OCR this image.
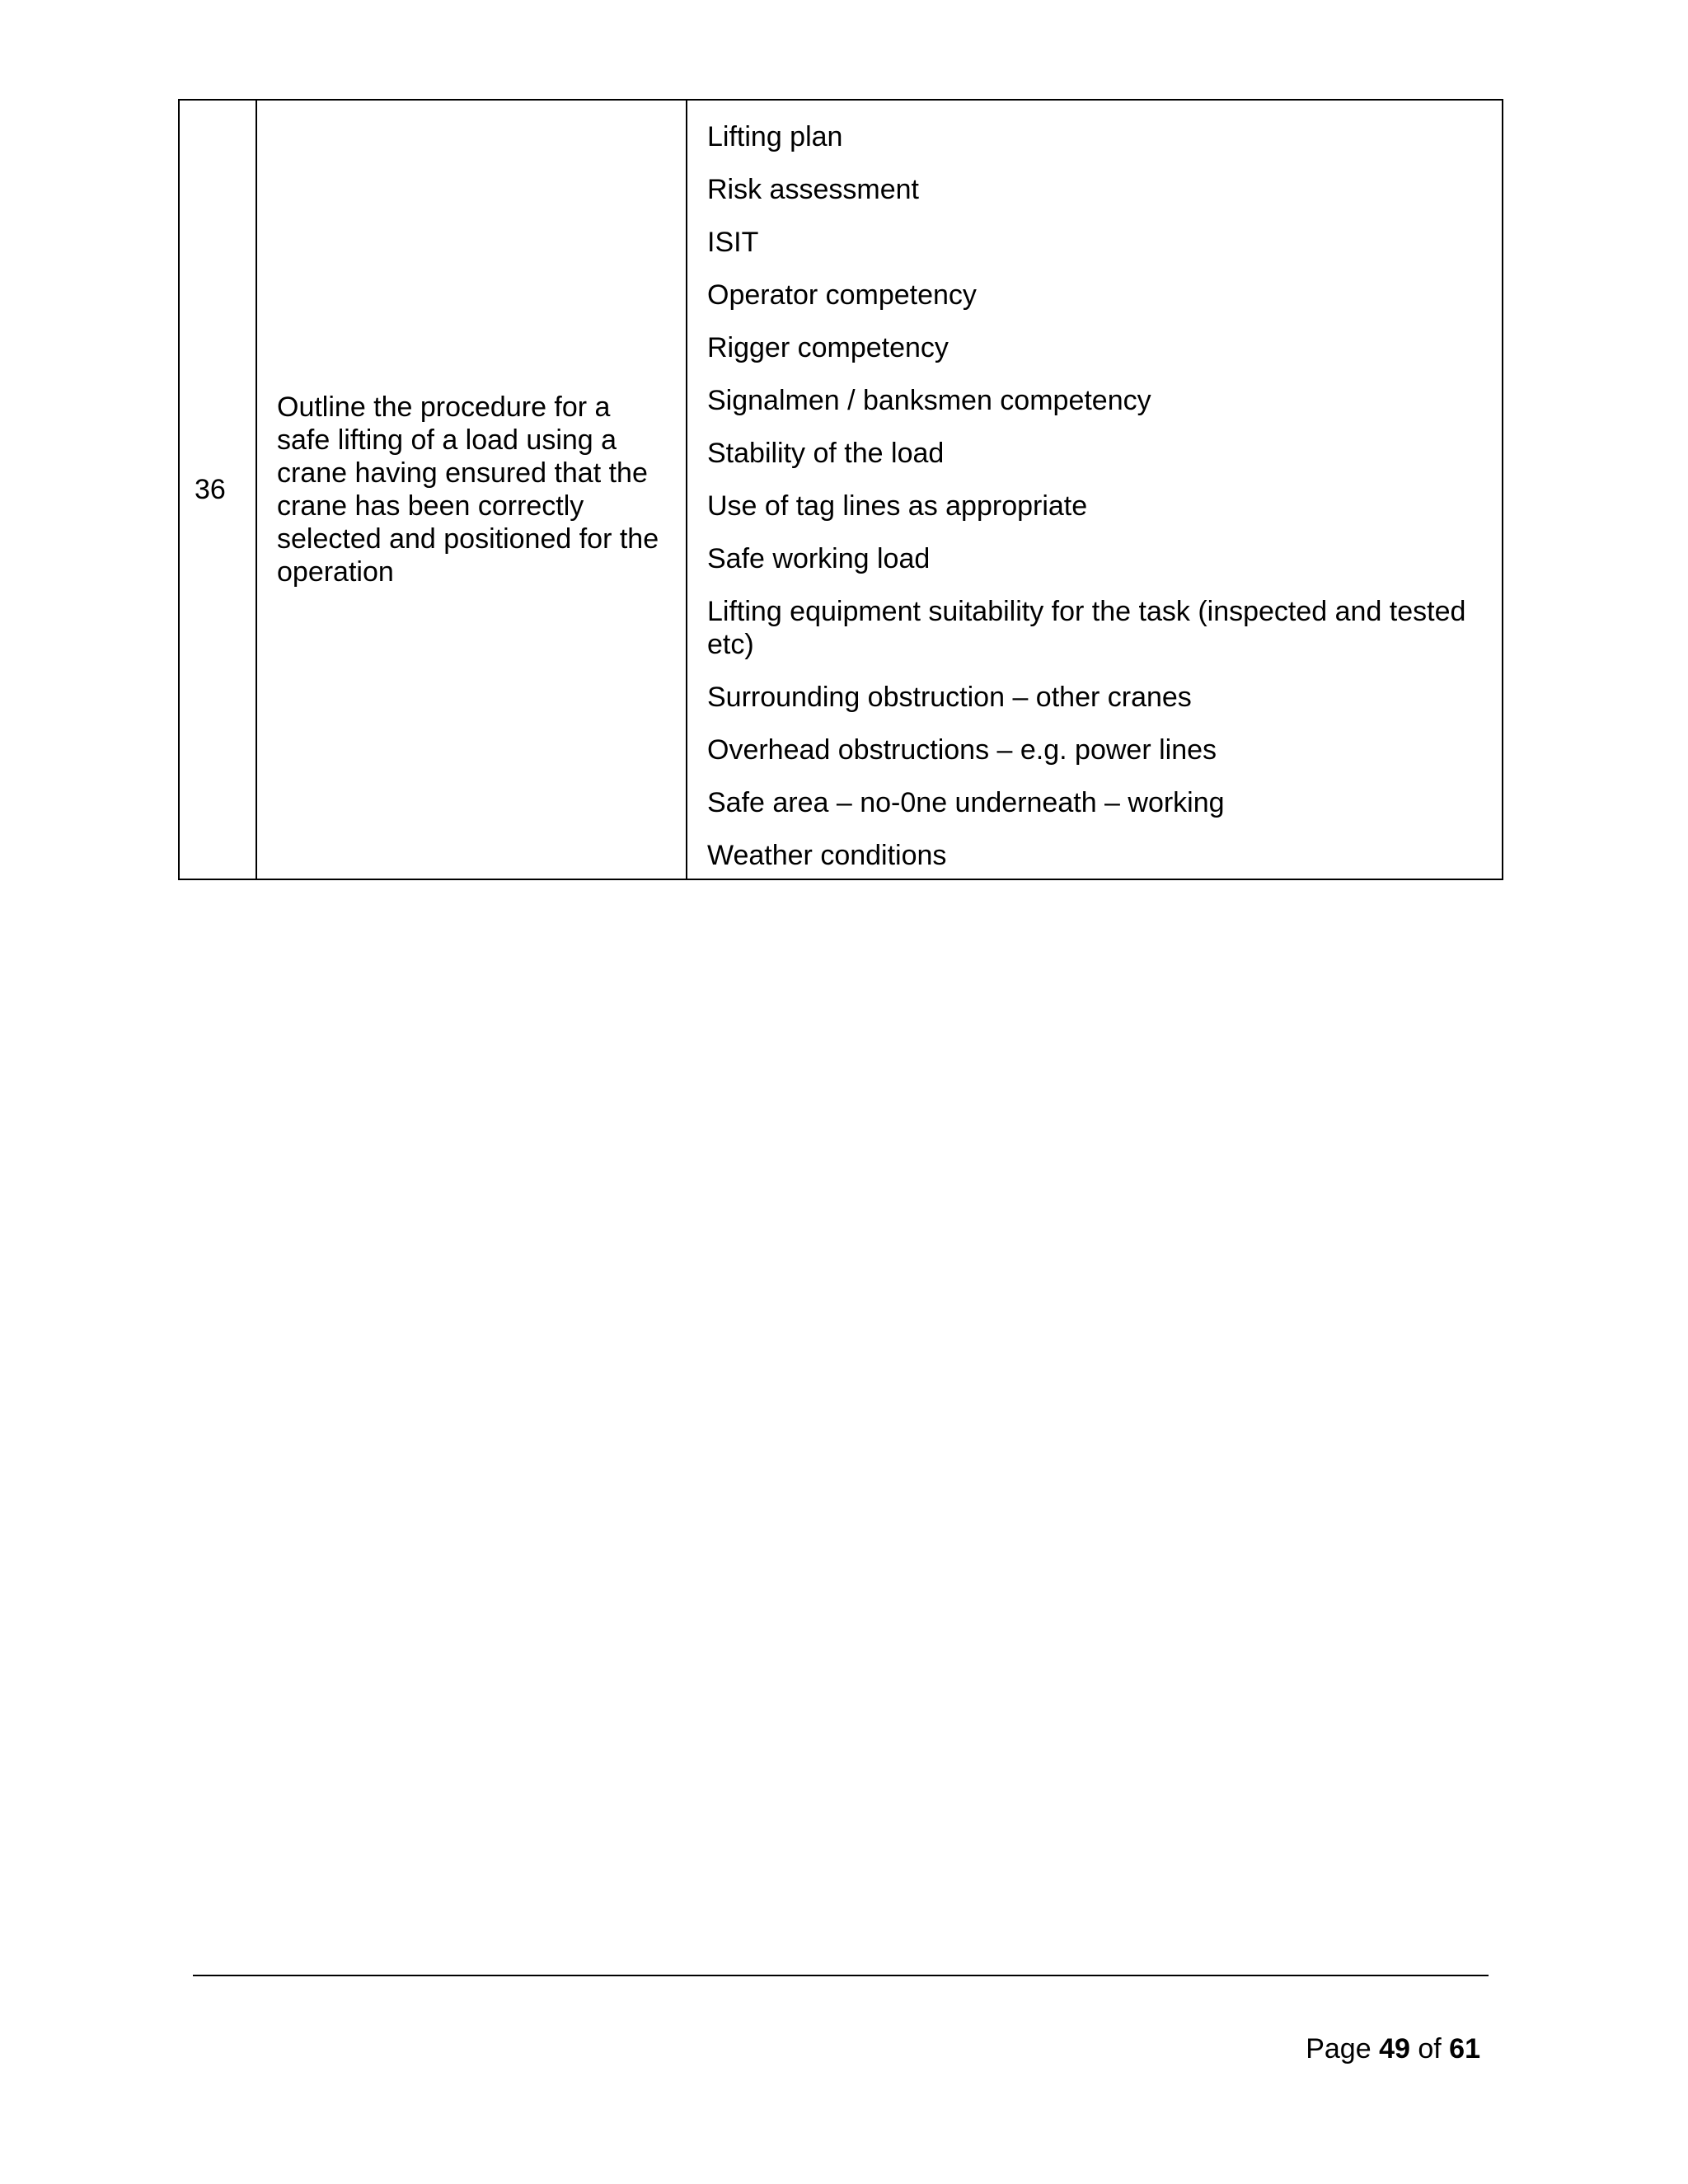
36	Outline the procedure for a safe lifting of a load using a crane having ensured that the crane has been correctly selected and positioned for the operation	
Lifting plan
Risk assessment
ISIT
Operator competency
Rigger competency
Signalmen / banksmen competency
Stability of the load
Use of tag lines as appropriate
Safe working load
Lifting equipment suitability for the task (inspected and tested etc)
Surrounding obstruction – other cranes
Overhead obstructions – e.g. power lines
Safe area – no-0ne underneath – working
Weather conditions
Page 49 of 61
